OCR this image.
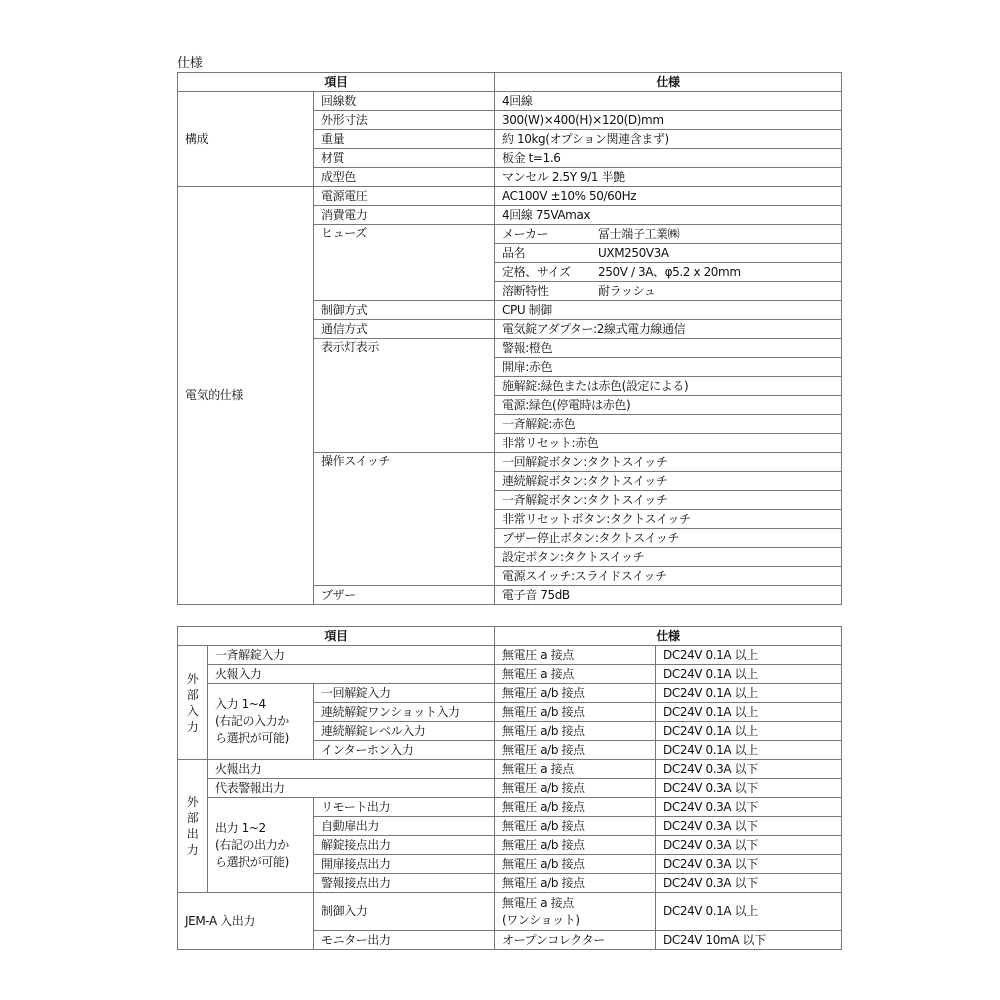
仕様
項目		仕様
構成	回線数	4回線
	外形寸法	300(W)×400(H)×120(D)mm
	重量	約 10kg(オプション関連含まず)
	材質	板金 t=1.6
	成型色	マンセル 2.5Y 9/1 半艶
電気的仕様	電源電圧	AC100V ±10% 50/60Hz
	消費電力	4回線 75VAmax
	ヒューズ	メーカー 冨士端子工業㈱
		品名 UXM250V3A
		定格、サイズ 250V / 3A、φ5.2 x 20mm
		溶断特性 耐ラッシュ
	制御方式	CPU 制御
	通信方式	電気錠アダプター:2線式電力線通信
	表示灯表示	警報:橙色
		開扉:赤色
		施解錠:緑色または赤色(設定による)
		電源:緑色(停電時は赤色)
		一斉解錠:赤色
		非常リセット:赤色
	操作スイッチ	一回解錠ボタン:タクトスイッチ
		連続解錠ボタン:タクトスイッチ
		一斉解錠ボタン:タクトスイッチ
		非常リセットボタン:タクトスイッチ
		ブザー停止ボタン:タクトスイッチ
		設定ボタン:タクトスイッチ
		電源スイッチ:スライドスイッチ
	ブザー	電子音 75dB
項目			仕様	

外
部
入
力	一斉解錠入力		無電圧 a 接点	DC24V 0.1A 以上
	火報入力		無電圧 a 接点	DC24V 0.1A 以上

	入力 1~4
(右記の入力か
ら選択が可能)	一回解錠入力	無電圧 a/b 接点	DC24V 0.1A 以上
		連続解錠ワンショット入力	無電圧 a/b 接点	DC24V 0.1A 以上
		連続解錠レベル入力	無電圧 a/b 接点	DC24V 0.1A 以上
		インターホン入力	無電圧 a/b 接点	DC24V 0.1A 以上

外
部
出
力	火報出力		無電圧 a 接点	DC24V 0.3A 以下
	代表警報出力		無電圧 a/b 接点	DC24V 0.3A 以下

	出力 1~2
(右記の出力か
ら選択が可能)	リモート出力	無電圧 a/b 接点	DC24V 0.3A 以下
		自動扉出力	無電圧 a/b 接点	DC24V 0.3A 以下
		解錠接点出力	無電圧 a/b 接点	DC24V 0.3A 以下
		開扉接点出力	無電圧 a/b 接点	DC24V 0.3A 以下
		警報接点出力	無電圧 a/b 接点	DC24V 0.3A 以下
JEM-A 入出力		制御入力	無電圧 a 接点
(ワンショット)	DC24V 0.1A 以上
		モニター出力	オープンコレクター	DC24V 10mA 以下
